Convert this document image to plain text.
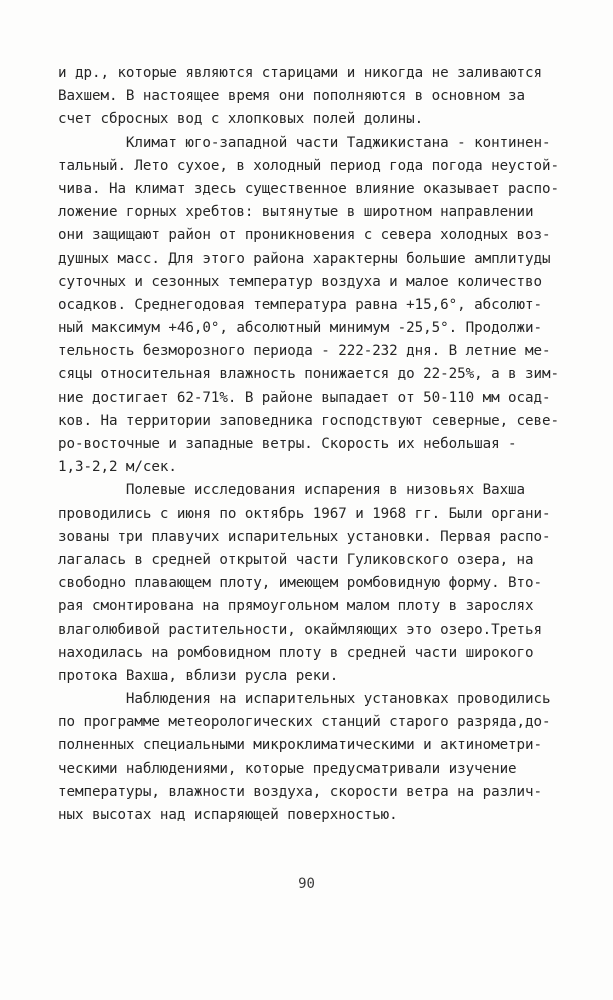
и др., которые являются старицами и никогда не заливаются
Вахшем. В настоящее время они пополняются в основном за
счет сбросных вод с хлопковых полей долины.
Климат юго-западной части Таджикистана - континен-
тальный. Лето сухое, в холодный период года погода неустой-
чива. На климат здесь существенное влияние оказывает распо-
ложение горных хребтов: вытянутые в широтном направлении
они защищают район от проникновения с севера холодных воз-
душных масс. Для этого района характерны большие амплитуды
суточных и сезонных температур воздуха и малое количество
осадков. Среднегодовая температура равна +15,6°, абсолют-
ный максимум +46,0°, абсолютный минимум -25,5°. Продолжи-
тельность безморозного периода - 222-232 дня. В летние ме-
сяцы относительная влажность понижается до 22-25%, а в зим-
ние достигает 62-71%. В районе выпадает от 50-110 мм осад-
ков. На территории заповедника господствуют северные, севе-
ро-восточные и западные ветры. Скорость их небольшая -
1,3-2,2 м/сек.
Полевые исследования испарения в низовьях Вахша
проводились с июня по октябрь 1967 и 1968 гг. Были органи-
зованы три плавучих испарительных установки. Первая распо-
лагалась в средней открытой части Гуликовского озера, на
свободно плавающем плоту, имеющем ромбовидную форму. Вто-
рая смонтирована на прямоугольном малом плоту в зарослях
влаголюбивой растительности, окаймляющих это озеро.Третья
находилась на ромбовидном плоту в средней части широкого
протока Вахша, вблизи русла реки.
Наблюдения на испарительных установках проводились
по программе метеорологических станций старого разряда,до-
полненных специальными микроклиматическими и актинометри-
ческими наблюдениями, которые предусматривали изучение
температуры, влажности воздуха, скорости ветра на различ-
ных высотах над испаряющей поверхностью.
90
